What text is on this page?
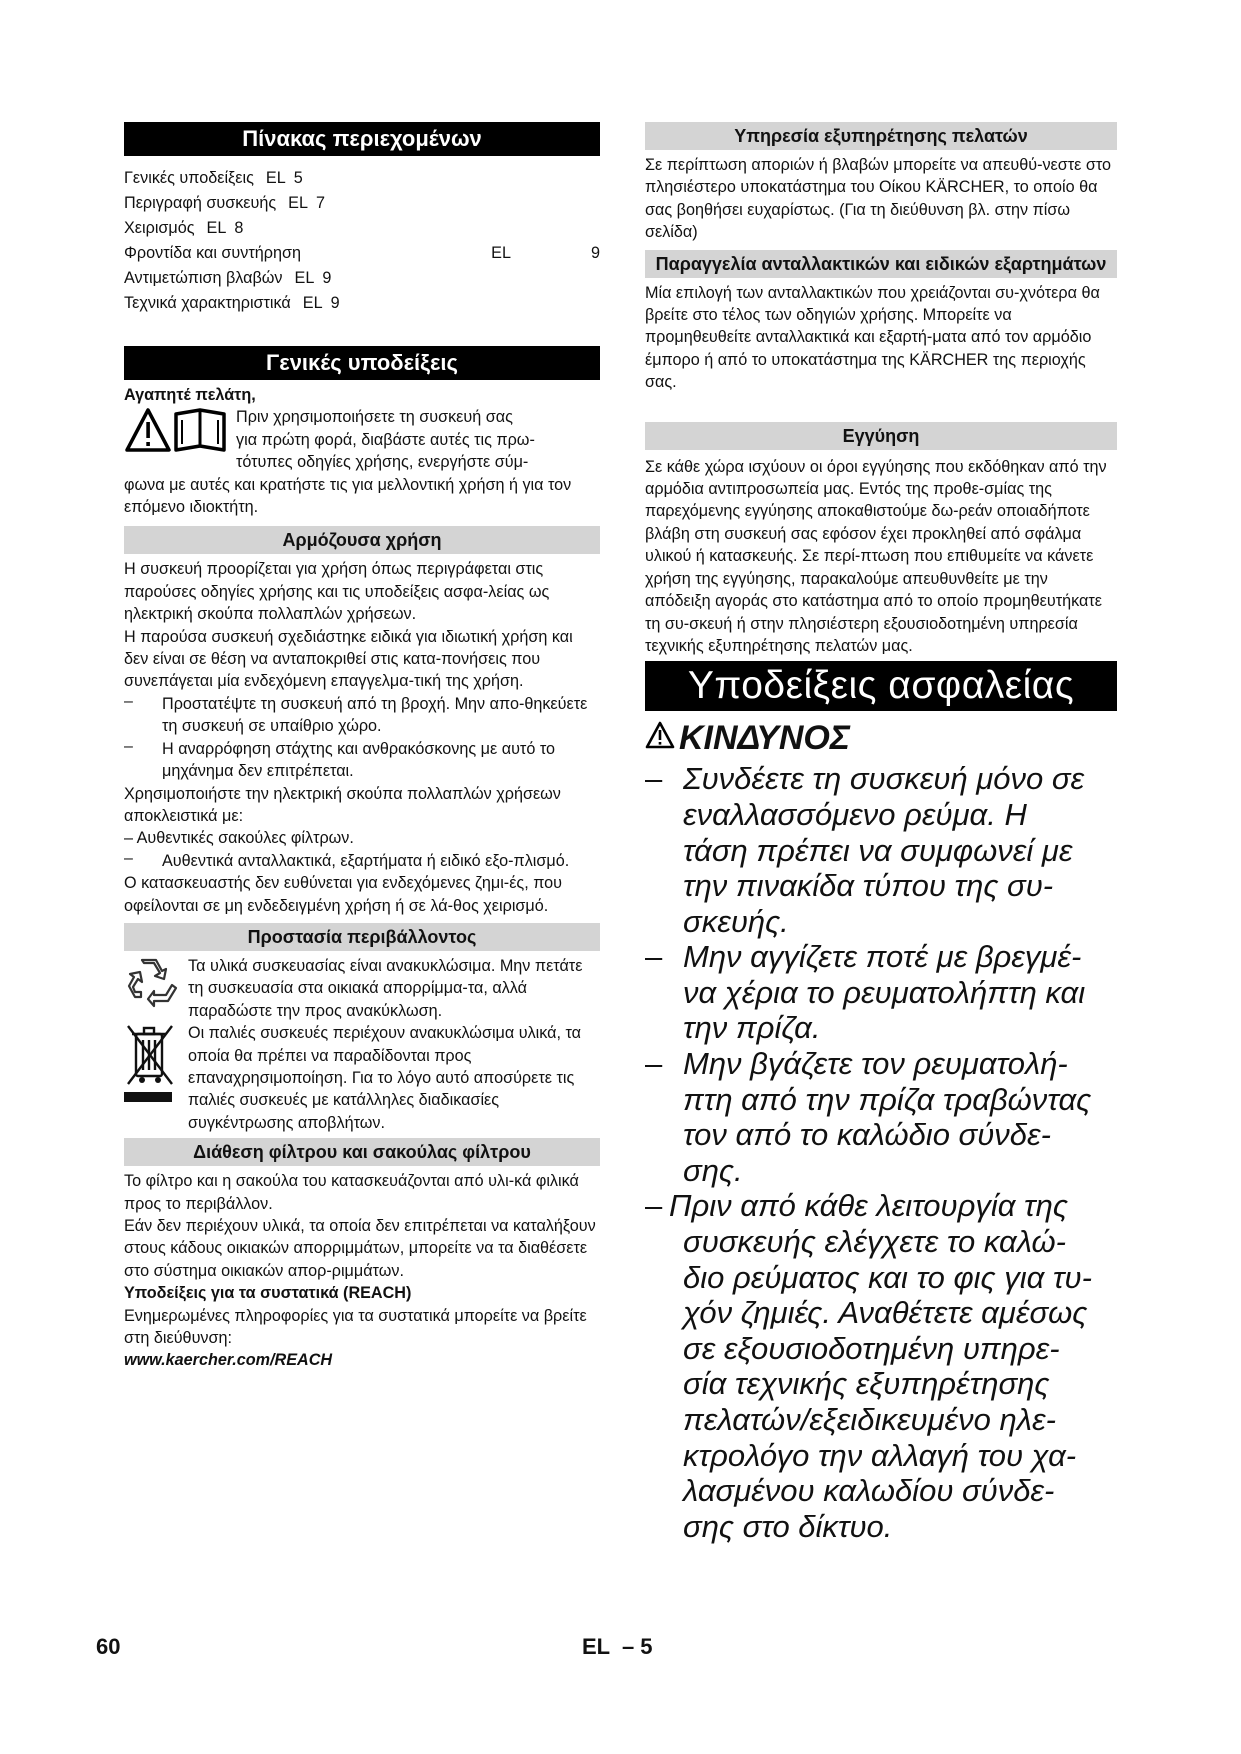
Πίνακας περιεχομένων
Γενικές υποδείξεις EL 5
Περιγραφή συσκευής EL 7
Χειρισμός EL 8
Φροντίδα και συντήρηση	EL	9
Αντιμετώπιση βλαβών EL 9
Τεχνικά χαρακτηριστικά EL 9
Γενικές υποδείξεις

Αγαπητέ πελάτη,

Πριν χρησιμοποιήσετε τη συσκευή σας

για πρώτη φορά, διαβάστε αυτές τις πρω-

τότυπες οδηγίες χρήσης, ενεργήστε σύμ-

φωνα με αυτές και κρατήστε τις για μελλοντική χρήση ή για τον επόμενο ιδιοκτήτη.

Αρμόζουσα χρήση

Η συσκευή προορίζεται για χρήση όπως περιγράφεται στις παρούσες οδηγίες χρήσης και τις υποδείξεις ασφα-λείας ως ηλεκτρική σκούπα πολλαπλών χρήσεων.

Η παρούσα συσκευή σχεδιάστηκε ειδικά για ιδιωτική χρήση και δεν είναι σε θέση να ανταποκριθεί στις κατα-πονήσεις που συνεπάγεται μία ενδεχόμενη επαγγελμα-τική της χρήση.

–	Προστατέψτε τη συσκευή από τη βροχή. Μην απο-θηκεύετε τη συσκευή σε υπαίθριο χώρο.
–	Η αναρρόφηση στάχτης και ανθρακόσκονης με αυτό το μηχάνημα δεν επιτρέπεται.

Χρησιμοποιήστε την ηλεκτρική σκούπα πολλαπλών χρήσεων αποκλειστικά με:

– Αυθεντικές σακούλες φίλτρων.

–	Αυθεντικά ανταλλακτικά, εξαρτήματα ή ειδικό εξο-πλισμό.

Ο κατασκευαστής δεν ευθύνεται για ενδεχόμενες ζημι-ές, που οφείλονται σε μη ενδεδειγμένη χρήση ή σε λά-θος χειρισμό.

Προστασία περιβάλλοντος

Τα υλικά συσκευασίας είναι ανακυκλώσιμα. Μην πετάτε τη συσκευασία στα οικιακά απορρίμμα-τα, αλλά παραδώστε την προς ανακύκλωση.

Οι παλιές συσκευές περιέχουν ανακυκλώσιμα υλικά, τα οποία θα πρέπει να παραδίδονται προς επαναχρησιμοποίηση. Για το λόγο αυτό αποσύρετε τις παλιές συσκευές με κατάλληλες διαδικασίες συγκέντρωσης αποβλήτων.

Διάθεση φίλτρου και σακούλας φίλτρου

Το φίλτρο και η σακούλα του κατασκευάζονται από υλι-κά φιλικά προς το περιβάλλον.

Εάν δεν περιέχουν υλικά, τα οποία δεν επιτρέπεται να καταλήξουν στους κάδους οικιακών απορριμμάτων, μπορείτε να τα διαθέσετε στο σύστημα οικιακών απορ-ριμμάτων.

Υποδείξεις για τα συστατικά (REACH)

Ενημερωμένες πληροφορίες για τα συστατικά μπορείτε να βρείτε στη διεύθυνση:

www.kaercher.com/REACH

Υπηρεσία εξυπηρέτησης πελατών

Σε περίπτωση αποριών ή βλαβών μπορείτε να απευθύ-νεστε στο πλησιέστερο υποκατάστημα του Οίκου KÄRCHER, το οποίο θα σας βοηθήσει ευχαρίστως. (Για τη διεύθυνση βλ. στην πίσω σελίδα)

Παραγγελία ανταλλακτικών και ειδικών εξαρτημάτων

Μία επιλογή των ανταλλακτικών που χρειάζονται συ-χνότερα θα βρείτε στο τέλος των οδηγιών χρήσης. Μπορείτε να προμηθευθείτε ανταλλακτικά και εξαρτή-ματα από τον αρμόδιο έμπορο ή από το υποκατάστημα της KÄRCHER της περιοχής σας.

Εγγύηση

Σε κάθε χώρα ισχύουν οι όροι εγγύησης που εκδόθηκαν από την αρμόδια αντιπροσωπεία μας. Εντός της προθε-σμίας της παρεχόμενης εγγύησης αποκαθιστούμε δω-ρεάν οποιαδήποτε βλάβη στη συσκευή σας εφόσον έχει προκληθεί από σφάλμα υλικού ή κατασκευής. Σε περί-πτωση που επιθυμείτε να κάνετε χρήση της εγγύησης, παρακαλούμε απευθυνθείτε με την απόδειξη αγοράς στο κατάστημα από το οποίο προμηθευτήκατε τη συ-σκευή ή στην πλησιέστερη εξουσιοδοτημένη υπηρεσία τεχνικής εξυπηρέτησης πελατών μας.

Υποδείξεις ασφαλείας
ΚΙΝΔΥΝΟΣ
– Συνδέετε τη συσκευή μόνο σε
εναλλασσόμενο ρεύμα. Η
τάση πρέπει να συμφωνεί με
την πινακίδα τύπου της συ-
σκευής.
– Μην αγγίζετε ποτέ με βρεγμέ-
να χέρια το ρευματολήπτη και
την πρίζα.
– Μην βγάζετε τον ρευματολή-
πτη από την πρίζα τραβώντας
τον από το καλώδιο σύνδε-
σης.
– Πριν από κάθε λειτουργία της
συσκευής ελέγχετε το καλώ-
διο ρεύματος και το φις για τυ-
χόν ζημιές. Αναθέτετε αμέσως
σε εξουσιοδοτημένη υπηρε-
σία τεχνικής εξυπηρέτησης
πελατών/εξειδικευμένο ηλε-
κτρολόγο την αλλαγή του χα-
λασμένου καλωδίου σύνδε-
σης στο δίκτυο.
60	EL  – 5
